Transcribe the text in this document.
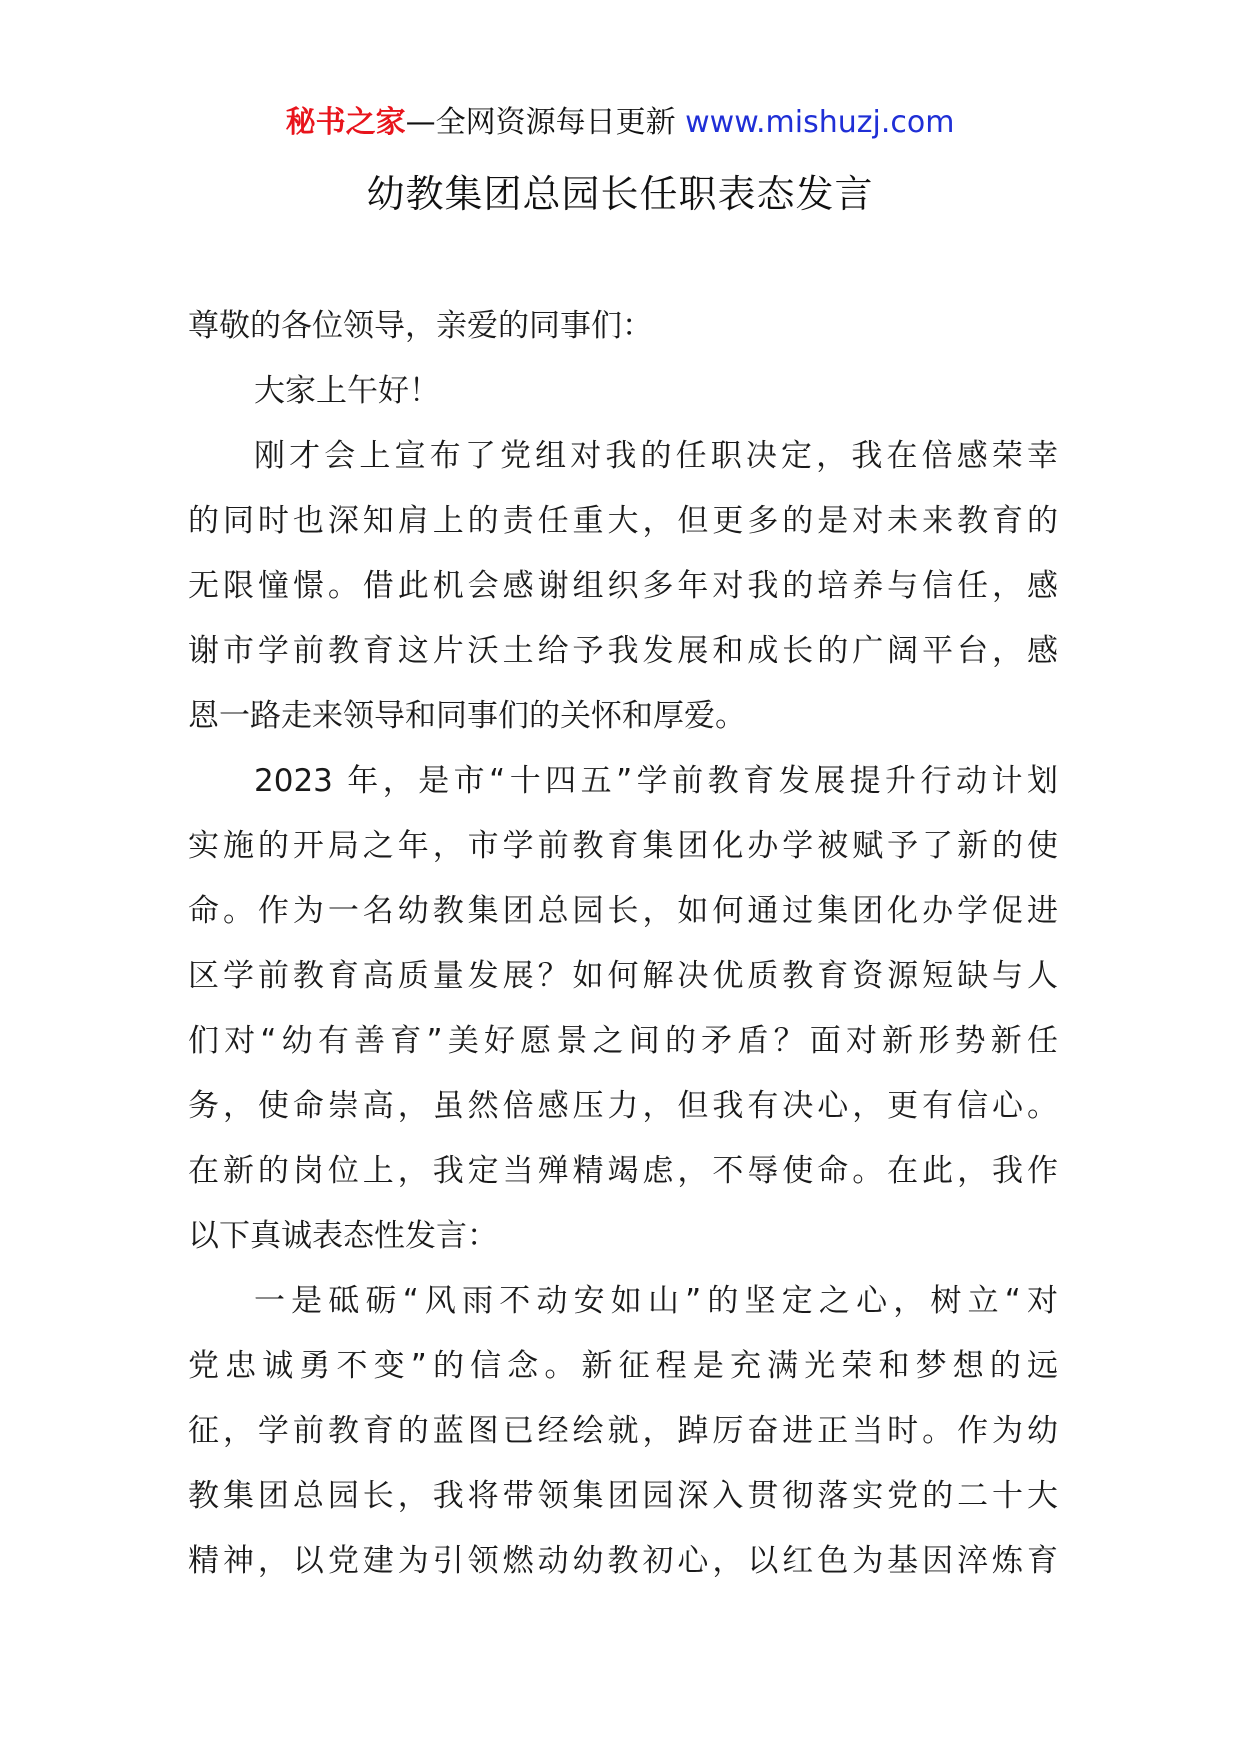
秘书之家—全网资源每日更新 www.mishuzj.com
幼教集团总园长任职表态发言
尊敬的各位领导，亲爱的同事们：
大家上午好！
刚才会上宣布了党组对我的任职决定，我在倍感荣幸
的同时也深知肩上的责任重大，但更多的是对未来教育的
无限憧憬。借此机会感谢组织多年对我的培养与信任，感
谢市学前教育这片沃土给予我发展和成长的广阔平台，感
恩一路走来领导和同事们的关怀和厚爱。
2023 年，是市“十四五”学前教育发展提升行动计划
实施的开局之年，市学前教育集团化办学被赋予了新的使
命。作为一名幼教集团总园长，如何通过集团化办学促进
区学前教育高质量发展？如何解决优质教育资源短缺与人
们对“幼有善育”美好愿景之间的矛盾？面对新形势新任
务，使命崇高，虽然倍感压力，但我有决心，更有信心。
在新的岗位上，我定当殚精竭虑，不辱使命。在此，我作
以下真诚表态性发言：
一是砥砺“风雨不动安如山”的坚定之心，树立“对
党忠诚勇不变”的信念。新征程是充满光荣和梦想的远
征，学前教育的蓝图已经绘就，踔厉奋进正当时。作为幼
教集团总园长，我将带领集团园深入贯彻落实党的二十大
精神，以党建为引领燃动幼教初心，以红色为基因淬炼育
